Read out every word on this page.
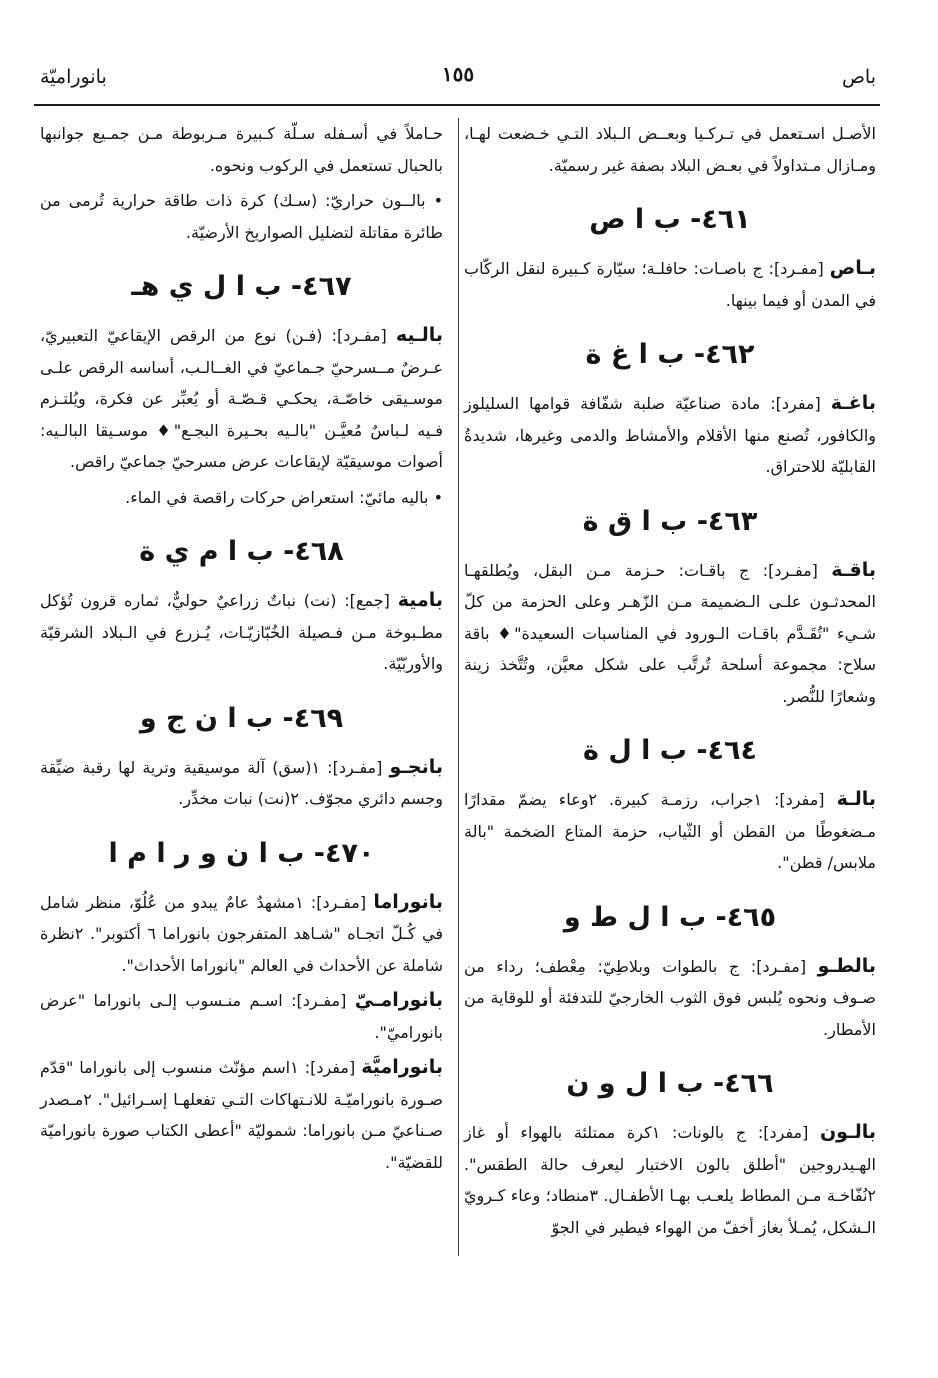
باص
١٥٥
بانوراميّة

الأصـل اسـتعمل في تـركـيا وبعــض الـبلاد التـي خـضعت لهـا، ومـازال مـتداولاً في بعـض البلاد بصفة غير رسميّة.

٤٦١- ب ا ص

بـاص [مفـرد]: ج باصـات: حافلـة؛ سيّارة كـبيرة لنقل الركّاب في المدن أو فيما بينها.

٤٦٢- ب ا غ ة

باغـة [مفرد]: مادة صناعيّة صلبة شفّافة قوامها السليلوز والكافور، تُصنع منها الأقلام والأمشاط والدمى وغيرها، شديدةُ القابليّة للاحتراق.

٤٦٣- ب ا ق ة

باقـة [مفـرد]: ج باقـات: حـزمة مـن البقل، ويُطلقهـا المحدثـون علـى الـضميمة مـن الزّهـر وعلى الحزمة من كلّ شـيء "تُقَـدَّم باقـات الـورود في المناسبات السعيدة"♦ باقة سلاح: مجموعة أسلحة تُرتَّب على شكل معيَّن، وتُتَّخذ زينة وشعارًا للنُّصر.

٤٦٤- ب ا ل ة

بالـة [مفرد]: ١جراب، رزمـة كبيرة. ٢وعاء يضمّ مقدارًا مـضغوطًا من القطن أو الثّياب، حزمة المتاع الضخمة "بالة ملابس/ قطن".

٤٦٥- ب ا ل ط و

بالطـو [مفـرد]: ج بالطوات وبلاطِيّ: مِعْطف؛ رداء من صـوف ونحوه يُلبس فوق الثوب الخارجيّ للتدفئة أو للوقاية من الأمطار.

٤٦٦- ب ا ل و ن

بالـون [مفرد]: ج بالونات: ١كرة ممتلئة بالهواء أو غاز الهـيدروجين "أطلق بالون الاختبار ليعرف حالة الطقس". ٢نُفّاخـة مـن المطاط يلعـب بهـا الأطفـال. ٣منطاد؛ وعاء كـرويّ الـشكل، يُمـلأ بغاز أخفّ من الهواء فيطير في الجوّ

حـاملاً في أسـفله سـلّة كـبيرة مـربوطة مـن جمـيع جوانبها بالحبال تستعمل في الركوب ونحوه.

• بالــون حراريّ: (سـك) كرة ذات طاقة حرارية تُرمى من طائرة مقاتلة لتضليل الصواريخ الأرضيّة.

٤٦٧- ب ا ل ي هـ

بالـيه [مفـرد]: (فـن) نوع من الرقص الإيقاعيّ التعبيريّ، عـرضٌ مــسرحيّ جـماعيّ في الغــالـب، أساسه الرقص علـى موسـيقى خاصّـة، يحكـي قـصّـة أو يُعبِّر عن فكرة، ويُلتـزم فـيه لـباسٌ مُعيَّـن "بالـيه بحـيرة البجـع"♦ موسـيقا البالـيه: أصوات موسيقيّة لإيقاعات عرض مسرحيّ جماعيّ راقص.

• باليه مائيّ: استعراض حركات راقصة في الماء.

٤٦٨- ب ا م ي ة

بامية [جمع]: (نت) نباتٌ زراعيٌ حوليٌّ، ثماره قرون تُؤكل مطـبوخة مـن فـصيلة الخُبّازيّـات، يُـزرع في الـبلاد الشرقيّة والأوربّيّة.

٤٦٩- ب ا ن ج و

بانجـو [مفـرد]: ١(سق) آلة موسيقية وترية لها رقبة ضيِّقة وجسم دائري مجوّف. ٢(نت) نبات مخدِّر.

٤٧٠- ب ا ن و ر ا م ا

بانوراما [مفـرد]: ١مشهدٌ عامٌ يبدو من عُلُوّ، منظر شامل في كُـلّ اتجـاه "شـاهد المتفرجون بانوراما ٦ أكتوبر". ٢نظرة شاملة عن الأحداث في العالم "بانوراما الأحداث".

بانورامـيّ [مفـرد]: اسـم منـسوب إلـى بانوراما "عرض بانوراميّ".

بانوراميَّة [مفرد]: ١اسم مؤنّث منسوب إلى بانوراما "قدّم صـورة بانوراميّـة للانـتهاكات التـي تفعلهـا إسـرائيل". ٢مـصدر صـناعيّ مـن بانوراما: شموليّة "أعطى الكتاب صورة بانوراميّة للقضيّة".
